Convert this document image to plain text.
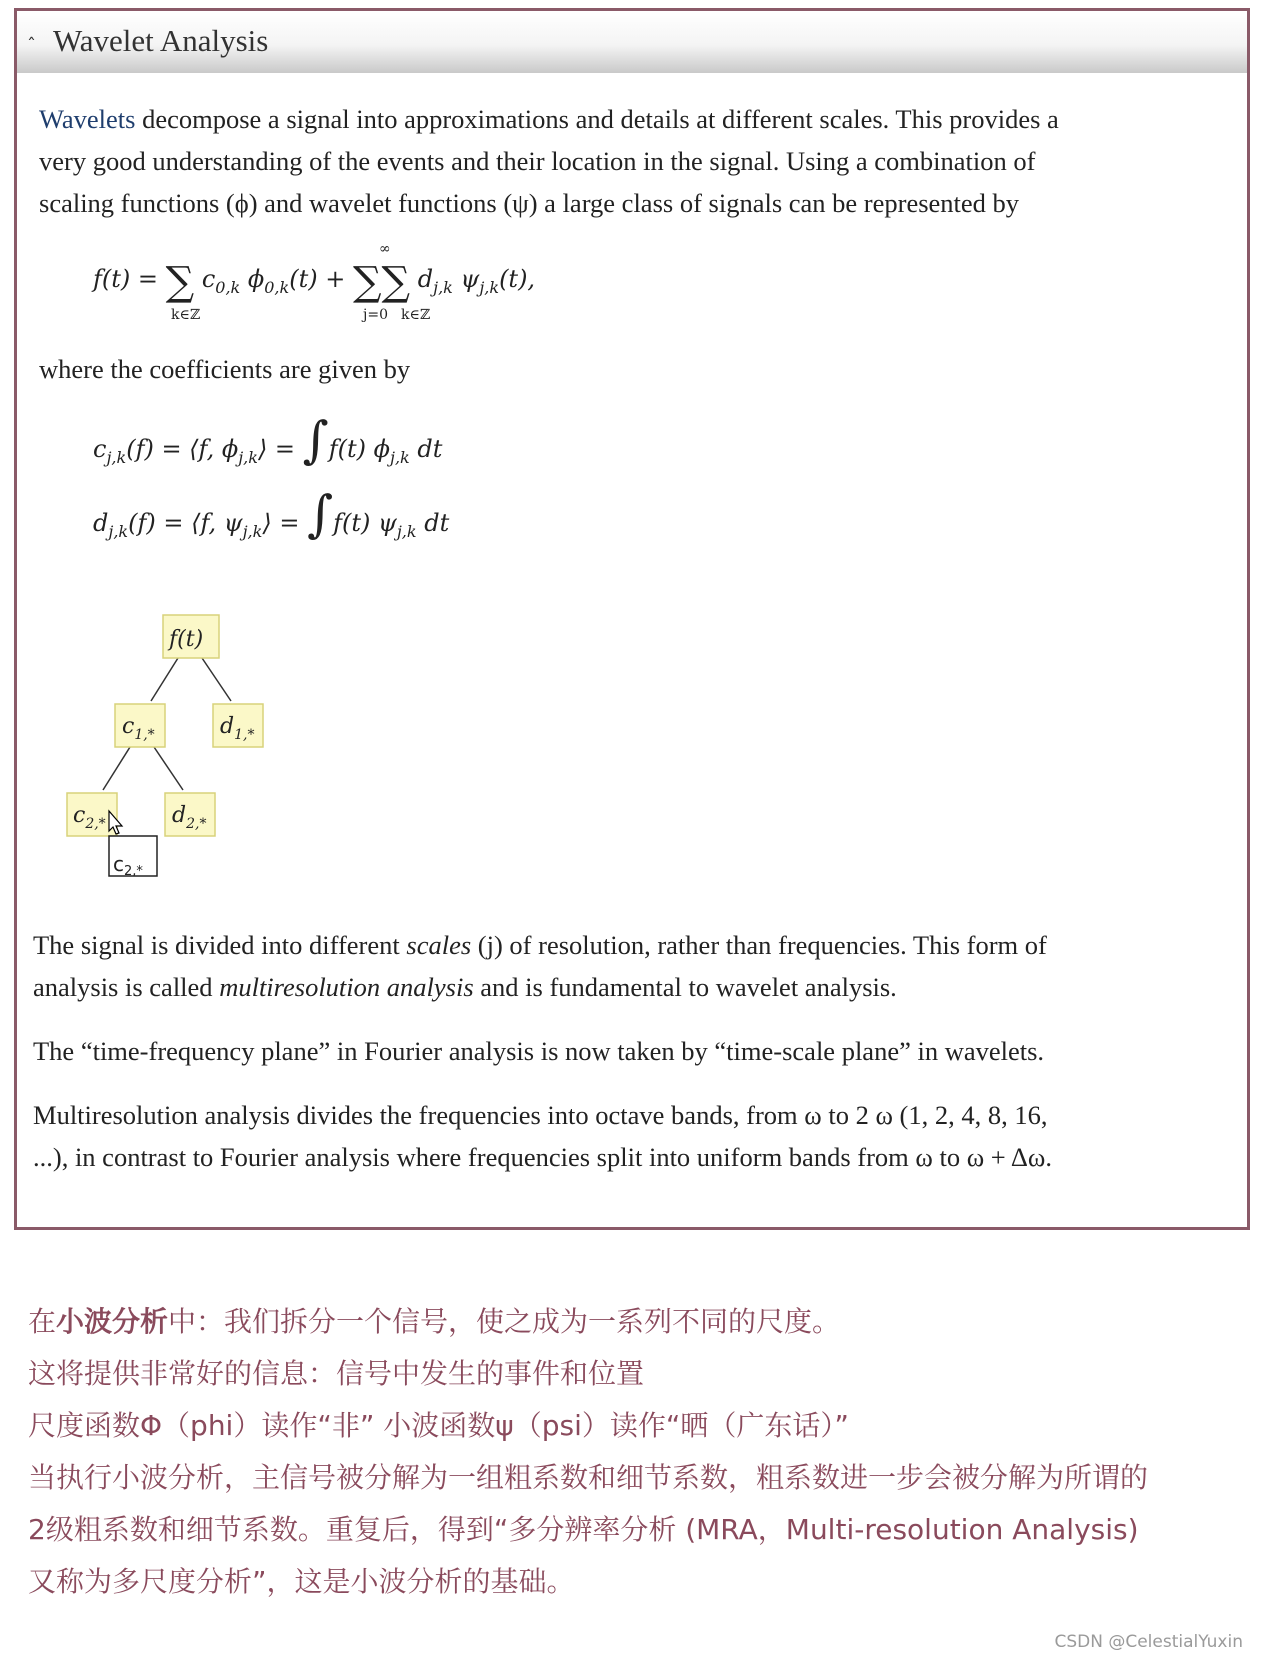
ˆ Wavelet Analysis
Wavelets decompose a signal into approximations and details at different scales. This provides a
very good understanding of the events and their location in the signal. Using a combination of
scaling functions (ϕ) and wavelet functions (ψ) a large class of signals can be represented by
f(t) = ∑ $c_{0,k}$ $\phi_{0,k}(t)$ + ∑∑ $d_{j,k}$ $\psi_{j,k}(t)$,
k∈ℤ
∞
j=0 k∈ℤ
where the coefficients are given by
$c_{j,k}(f)$ = ⟨f, $\phi_{j,k}⟩ = \int f(t)$ $\phi_{j,k}$ dt
$d_{j,k}(f)$ = ⟨f, $\psi_{j,k}⟩ = \int f(t)$ $\psi_{j,k}$ dt
f(t)
$c_{1,*}$	$d_{1,*}$
$c_{2,*}$	$d_{2,*}$
$c_{2,*}$
The signal is divided into different scales (j) of resolution, rather than frequencies. This form of
analysis is called multiresolution analysis and is fundamental to wavelet analysis.
The “time-frequency plane” in Fourier analysis is now taken by “time-scale plane” in wavelets.
Multiresolution analysis divides the frequencies into octave bands, from ω to 2 ω (1, 2, 4, 8, 16,
...), in contrast to Fourier analysis where frequencies split into uniform bands from ω to ω + Δω.
在小波分析中：我们拆分一个信号，使之成为一系列不同的尺度。
这将提供非常好的信息：信号中发生的事件和位置
尺度函数Φ（phi）读作“非” 小波函数ψ（psi）读作“晒（广东话）”
当执行小波分析，主信号被分解为一组粗系数和细节系数，粗系数进一步会被分解为所谓的
2级粗系数和细节系数。重复后，得到“多分辨率分析 (MRA，Multi-resolution Analysis)
又称为多尺度分析”，这是小波分析的基础。
CSDN @CelestialYuxin
